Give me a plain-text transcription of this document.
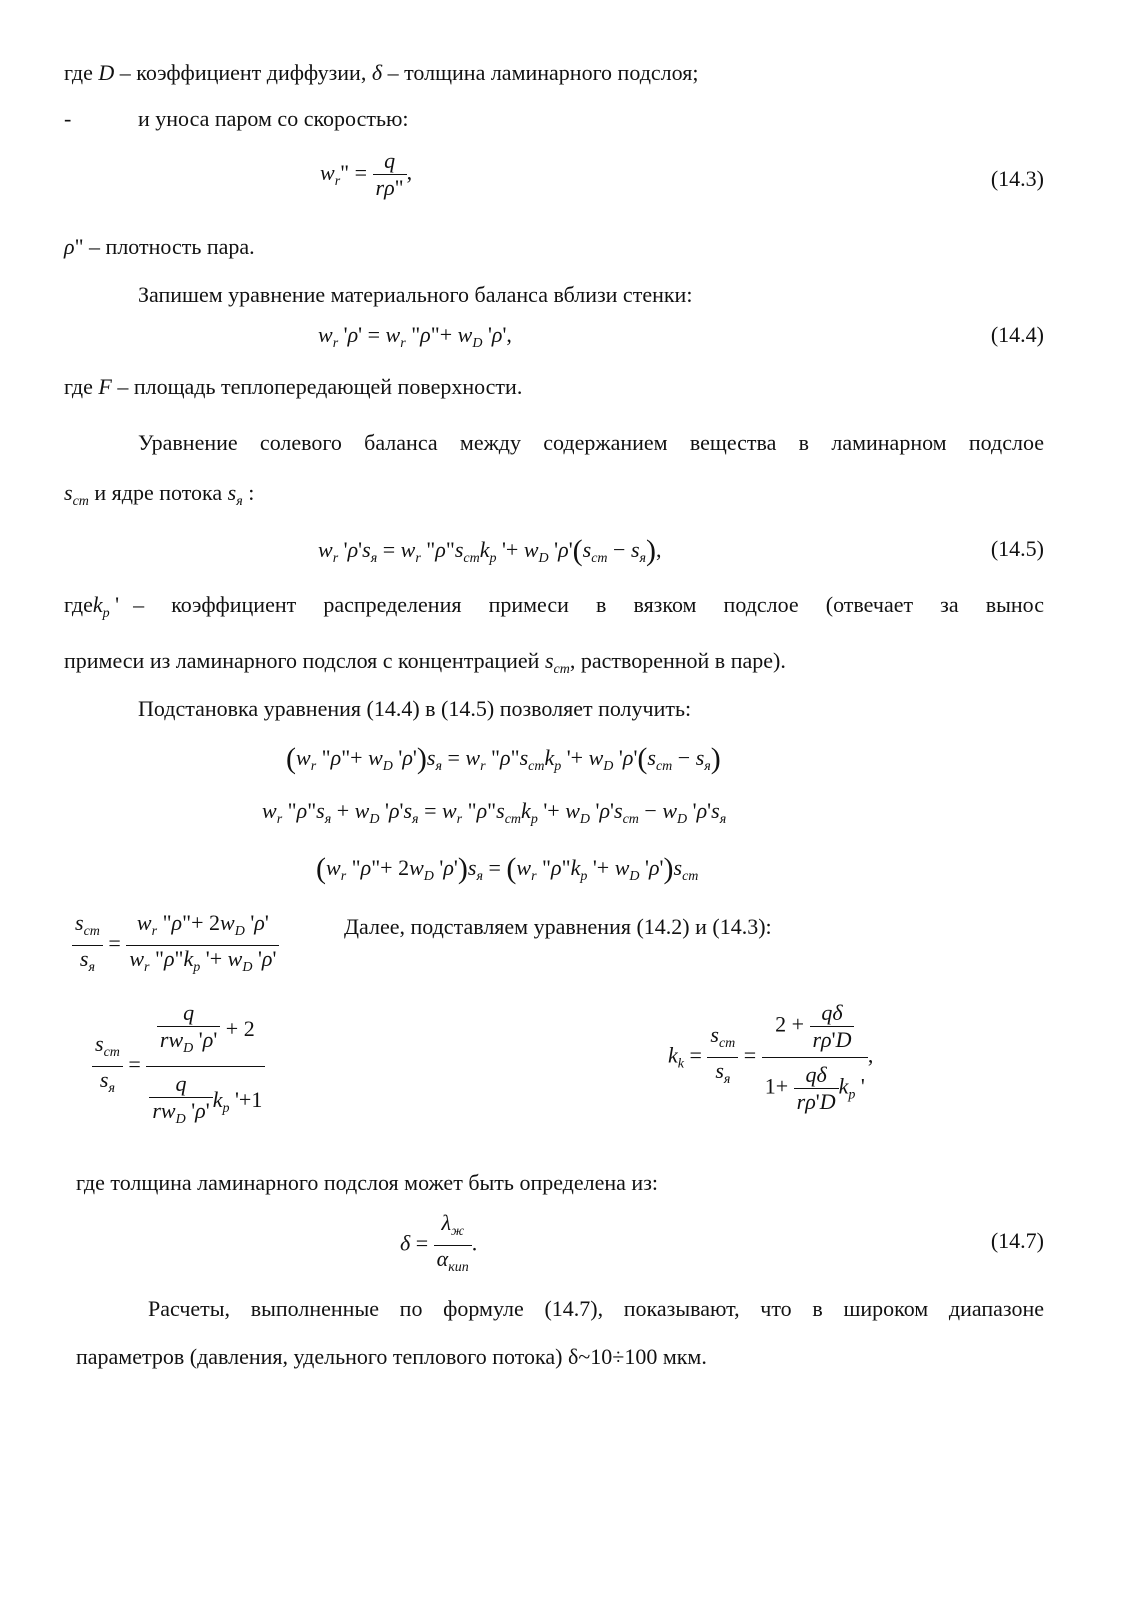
где D – коэффициент диффузии, δ – толщина ламинарного подслоя;
-	и уноса паром со скоростью:
$w_r$" = $\frac{q}{r\rho"}$ ,	(14.3)
ρ" – плотность пара.
Запишем уравнение материального баланса вблизи стенки:
$w_r$ '$\rho' = w_r$ "ρ"+ $w_D$ 'ρ',	(14.4)
где F – площадь теплопередающей поверхности.
Уравнение солевого баланса между содержанием вещества в ламинарном подслое
$s_{cm}$ и ядре потока $s_я$ :
$w_r$ '$\rho's_я = w_r$ "$\rho"s_{cm}k_p$ '+ $w_D$ '$\rho'(s_{cm} - s_я)$,	(14.5)
где $k_p$ ' – коэффициент распределения примеси в вязком подслое (отвечает за вынос
примеси из ламинарного подслоя с концентрацией $s_{cm}$, растворенной в паре).
Подстановка уравнения (14.4) в (14.5) позволяет получить:
($w_r$ "ρ"+ $w_D$ '$\rho')s_я = w_r$ "$\rho"s_{cm}k_p$ '+ $w_D$ '$\rho'(s_{cm} - s_я)$
$w_r$ "$\rho"s_я + w_D$ '$\rho's_я = w_r$ "$\rho"s_{cm}k_p$ '+ $w_D$ '$\rho's_{cm} - w_D$ '$\rho's_я$
($w_r$ "ρ"+ $2w_D$ '$\rho')s_я = (w_r$ "$\rho"k_p$ '+ $w_D$ '$\rho')s_{cm}$
$\frac{s_{cm}}{s_я} = \frac{w_r "\rho"+ 2w_D '\rho'}{w_r "\rho"k_p '+ w_D '\rho'}$	Далее, подставляем уравнения (14.2) и (14.3):
$\frac{s_{cm}}{s_я} = \frac{\frac{q}{rw_D '\rho'} + 2}{\frac{q}{rw_D '\rho'} k_p '+1}$	$k_k = \frac{s_{cm}}{s_я} = \frac{2 + \frac{q\delta}{r\rho'D}}{1+ \frac{q\delta}{r\rho'D} k_p '}$ ,
где толщина ламинарного подслоя может быть определена из:
$\delta = \frac{\lambda_ж}{\alpha_{кип}}$ .	(14.7)
Расчеты, выполненные по формуле (14.7), показывают, что в широком диапазоне
параметров (давления, удельного теплового потока) δ~10÷100 мкм.
